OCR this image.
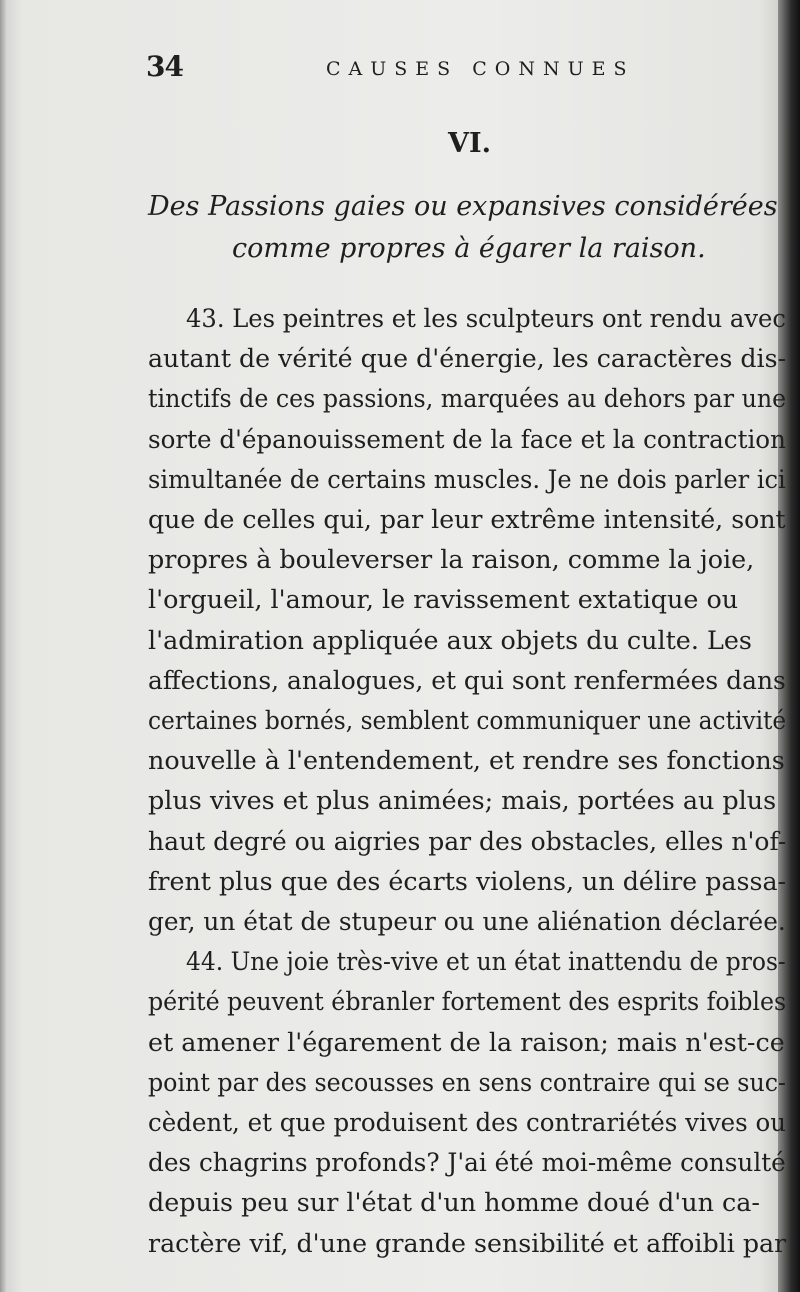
34	CAUSES CONNUES
VI.
Des Passions gaies ou expansives considérées
comme propres à égarer la raison.
43. Les peintres et les sculpteurs ont rendu avec
autant de vérité que d'énergie, les caractères dis-
tinctifs de ces passions, marquées au dehors par une
sorte d'épanouissement de la face et la contraction
simultanée de certains muscles. Je ne dois parler ici
que de celles qui, par leur extrême intensité, sont
propres à bouleverser la raison, comme la joie,
l'orgueil, l'amour, le ravissement extatique ou
l'admiration appliquée aux objets du culte. Les
affections, analogues, et qui sont renfermées dans
certaines bornés, semblent communiquer une activité
nouvelle à l'entendement, et rendre ses fonctions
plus vives et plus animées; mais, portées au plus
haut degré ou aigries par des obstacles, elles n'of-
frent plus que des écarts violens, un délire passa-
ger, un état de stupeur ou une aliénation déclarée.
44. Une joie très-vive et un état inattendu de pros-
périté peuvent ébranler fortement des esprits foibles
et amener l'égarement de la raison; mais n'est-ce
point par des secousses en sens contraire qui se suc-
cèdent, et que produisent des contrariétés vives ou
des chagrins profonds? J'ai été moi-même consulté
depuis peu sur l'état d'un homme doué d'un ca-
ractère vif, d'une grande sensibilité et affoibli par
